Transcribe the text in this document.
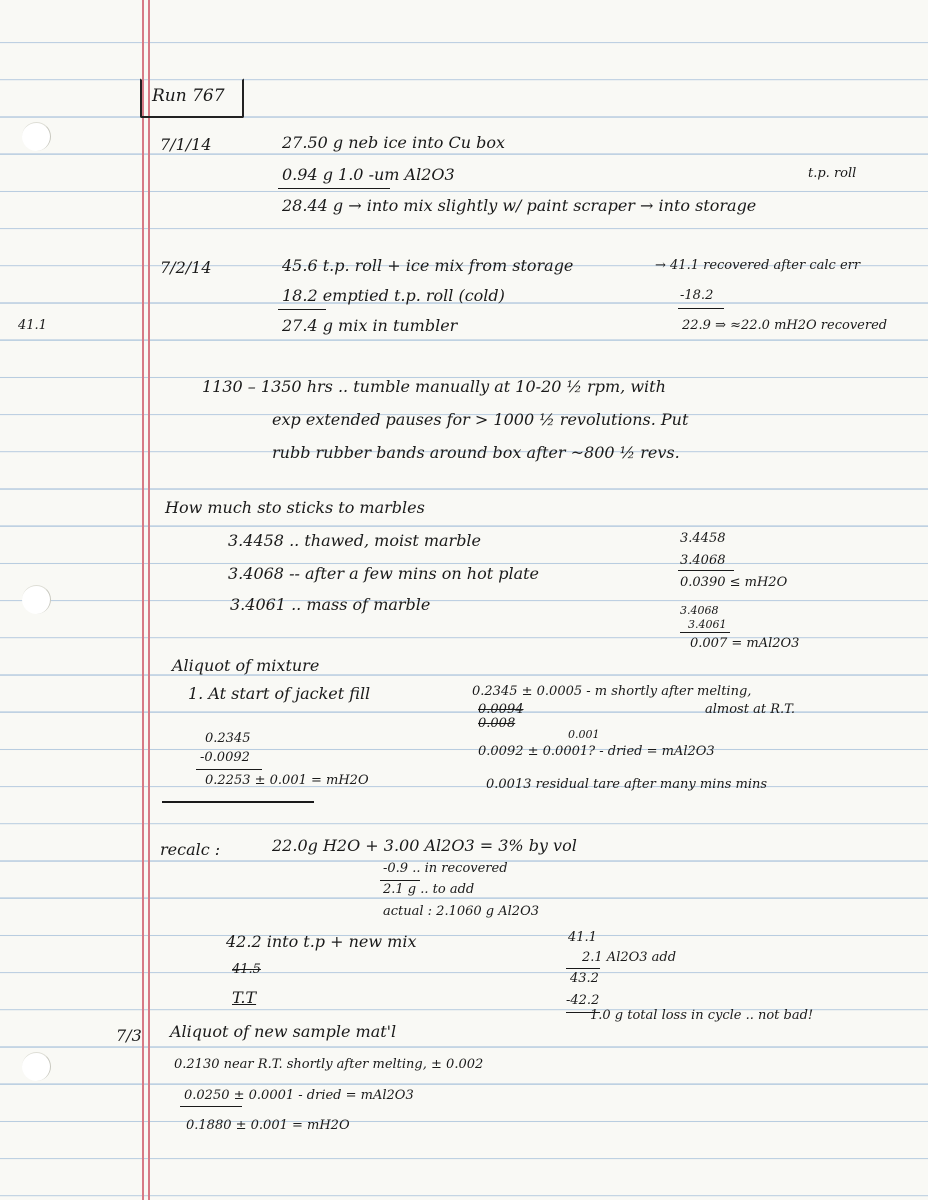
41.1
Run 767
7/1/14	27.50 g neb ice into Cu box
0.94 g 1.0 -um Al2O3
28.44 g → into mix slightly w/ paint scraper → into storage
t.p. roll
7/2/14	45.6 t.p. roll + ice mix from storage
18.2 emptied t.p. roll (cold)
27.4 g mix in tumbler
→ 41.1 recovered after calc err
-18.2
22.9 ⇒ ≈22.0 mH2O recovered
1130 – 1350 hrs .. tumble manually at 10-20 ½ rpm, with
exp extended pauses for > 1000 ½ revolutions. Put
rubb rubber bands around box after ~800 ½ revs.
How much sto sticks to marbles
3.4458 .. thawed, moist marble
3.4068 -- after a few mins on hot plate
3.4061 .. mass of marble
3.4458
3.4068
0.0390 ≤ mH2O
3.4068
3.4061
0.007 = mAl2O3
Aliquot of mixture
1. At start of jacket fill	0.2345 ± 0.0005 - m shortly after melting,
almost at R.T.
0.0094
0.008
0.001
0.0092 ± 0.0001? - dried = mAl2O3
0.0013 residual tare after many mins mins
0.2345
-0.0092
0.2253 ± 0.001 = mH2O
recalc :	22.0g H2O + 3.00 Al2O3 = 3% by vol
-0.9 .. in recovered
2.1 g .. to add
actual : 2.1060 g Al2O3
42.2 into t.p + new mix
41.5
T.T
41.1
2.1 Al2O3 add
43.2
-42.2
1.0 g total loss in cycle .. not bad!
7/3 Aliquot of new sample mat'l
0.2130 near R.T. shortly after melting, ± 0.002
0.0250 ± 0.0001 - dried = mAl2O3
0.1880 ± 0.001 = mH2O
